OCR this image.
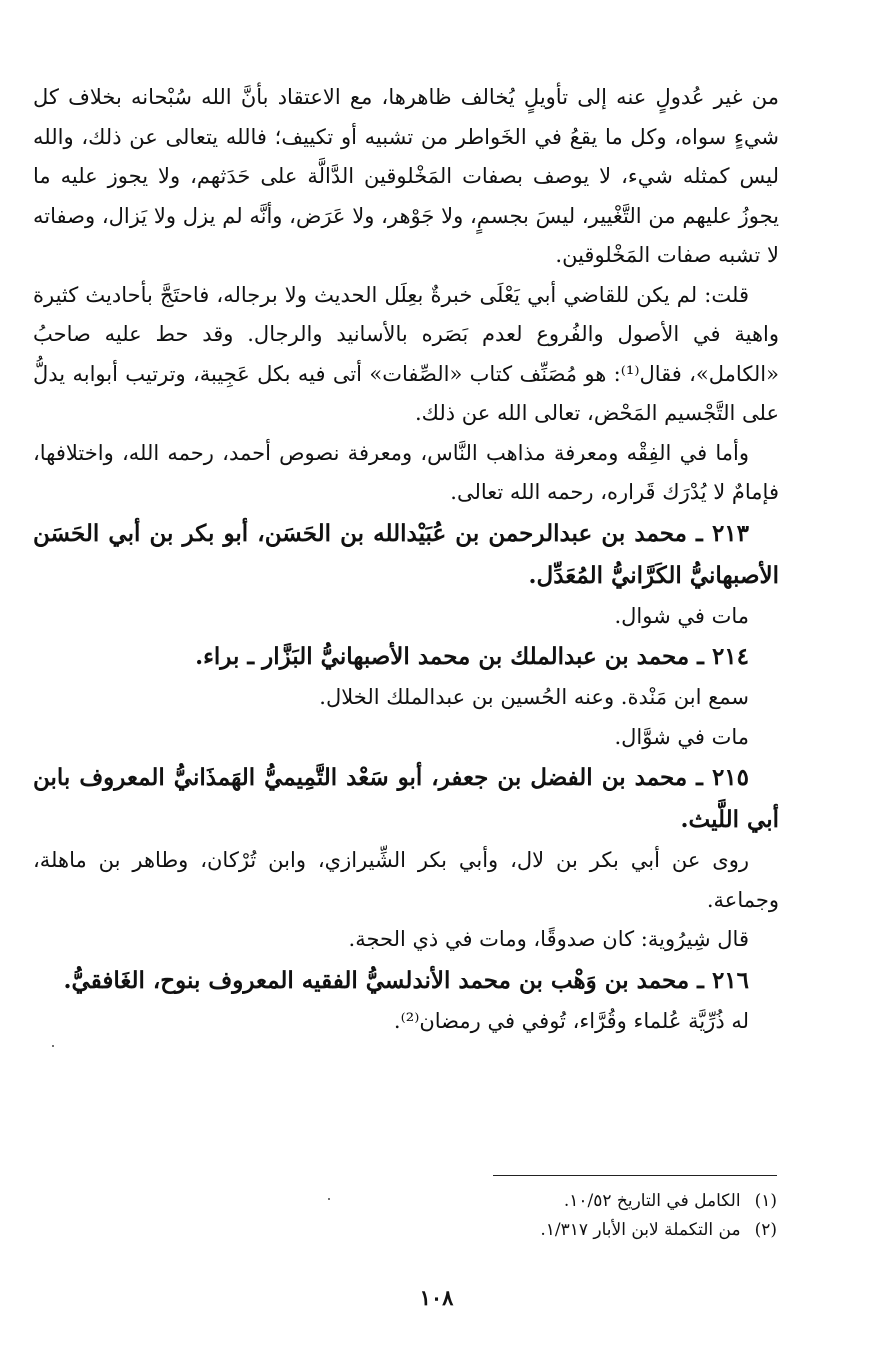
من غير عُدولٍ عنه إلى تأويلٍ يُخالف ظاهرها، مع الاعتقاد بأنَّ الله سُبْحانه بخلاف كل شيءٍ سواه، وكل ما يقعُ في الخَواطر من تشبيه أو تكييف؛ فالله يتعالى عن ذلك، والله ليس كمثله شيء، لا يوصف بصفات المَخْلوقين الدَّالَّة على حَدَثهم، ولا يجوز عليه ما يجوزُ عليهم من التَّغْيير، ليسَ بجسمٍ، ولا جَوْهر، ولا عَرَض، وأنَّه لم يزل ولا يَزال، وصفاته لا تشبه صفات المَخْلوقين.

قلت: لم يكن للقاضي أبي يَعْلَى خبرةٌ بعِلَل الحديث ولا برجاله، فاحتَجَّ بأحاديث كثيرة واهية في الأصول والفُروع لعدم بَصَره بالأسانيد والرجال. وقد حط عليه صاحبُ «الكامل»، فقال⁽¹⁾: هو مُصَنِّف كتاب «الصِّفات» أتى فيه بكل عَجِيبة، وترتيب أبوابه يدلُّ على التَّجْسيم المَحْض، تعالى الله عن ذلك.

وأما في الفِقْه ومعرفة مذاهب النَّاس، ومعرفة نصوص أحمد، رحمه الله، واختلافها، فإمامٌ لا يُدْرَك قَراره، رحمه الله تعالى.

٢١٣ ـ محمد بن عبدالرحمن بن عُبَيْدالله بن الحَسَن، أبو بكر بن أبي الحَسَن الأصبهانيُّ الكَرَّانيُّ المُعَدِّل.

مات في شوال.

٢١٤ ـ محمد بن عبدالملك بن محمد الأصبهانيُّ البَزَّار ـ براء.

سمع ابن مَنْدة. وعنه الحُسين بن عبدالملك الخلال.

مات في شوَّال.

٢١٥ ـ محمد بن الفضل بن جعفر، أبو سَعْد التَّمِيميُّ الهَمذَانيُّ المعروف بابن أبي اللَّيث.

روى عن أبي بكر بن لال، وأبي بكر الشِّيرازي، وابن تُرْكان، وطاهر بن ماهلة، وجماعة.

قال شِيرُوية: كان صدوقًا، ومات في ذي الحجة.

٢١٦ ـ محمد بن وَهْب بن محمد الأندلسيُّ الفقيه المعروف بنوح، الغَافقيُّ.

له ذُرِّيَّة عُلماء وقُرَّاء، تُوفي في رمضان⁽²⁾.

(١)الكامل في التاريخ ١٠/٥٢.

(٢)من التكملة لابن الأبار ١/٣١٧.

١٠٨
